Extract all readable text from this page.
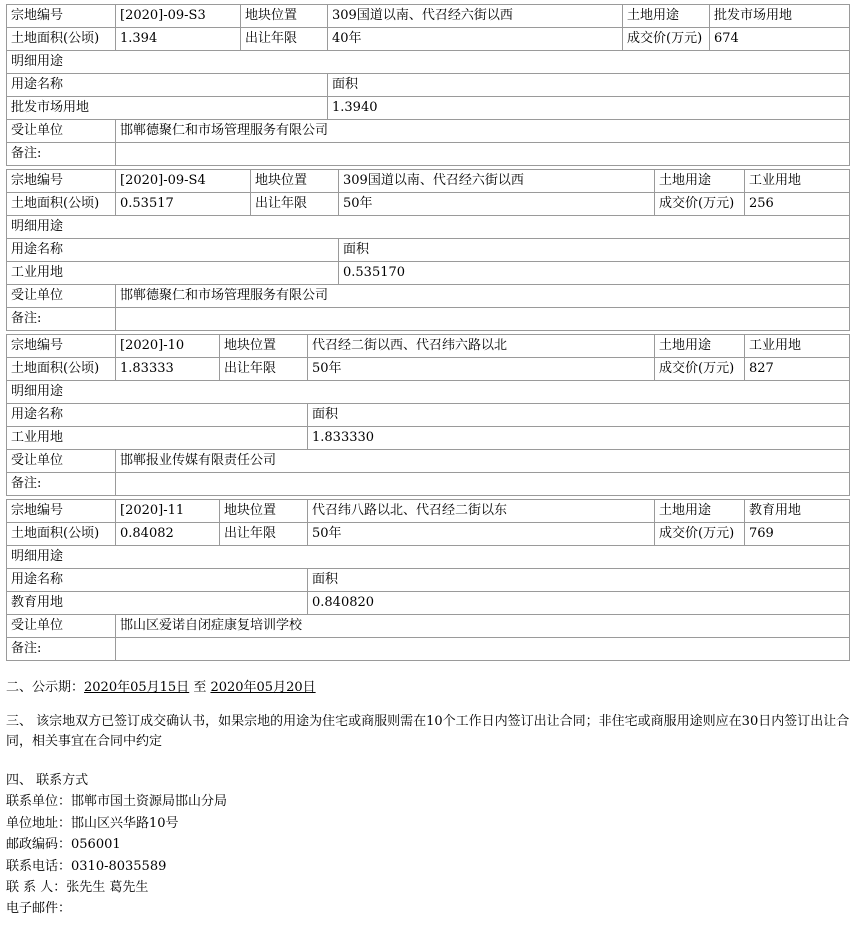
宗地编号	[2020]-09-S3	地块位置	309国道以南、代召经六街以西	土地用途	批发市场用地
土地面积(公顷)	1.394	出让年限	40年	成交价(万元)	674
明细用途					
用途名称			面积		
批发市场用地			1.3940		
受让单位	邯郸德聚仁和市场管理服务有限公司				
备注:					
宗地编号	[2020]-09-S4	地块位置	309国道以南、代召经六街以西	土地用途	工业用地
土地面积(公顷)	0.53517	出让年限	50年	成交价(万元)	256
明细用途					
用途名称			面积		
工业用地			0.535170		
受让单位	邯郸德聚仁和市场管理服务有限公司				
备注:					
宗地编号	[2020]-10	地块位置	代召经二街以西、代召纬六路以北	土地用途	工业用地
土地面积(公顷)	1.83333	出让年限	50年	成交价(万元)	827
明细用途					
用途名称			面积		
工业用地			1.833330		
受让单位	邯郸报业传媒有限责任公司				
备注:					
宗地编号	[2020]-11	地块位置	代召纬八路以北、代召经二街以东	土地用途	教育用地
土地面积(公顷)	0.84082	出让年限	50年	成交价(万元)	769
明细用途					
用途名称			面积		
教育用地			0.840820		
受让单位	邯山区爱诺自闭症康复培训学校				
备注:					
二、公示期：2020年05月15日 至 2020年05月20日

三、 该宗地双方已签订成交确认书，如果宗地的用途为住宅或商服则需在10个工作日内签订出让合同；非住宅或商服用途则应在30日内签订出让合同，相关事宜在合同中约定

四、 联系方式

联系单位：邯郸市国土资源局邯山分局

单位地址：邯山区兴华路10号

邮政编码：056001

联系电话：0310-8035589

联 系 人：张先生 葛先生

电子邮件：
